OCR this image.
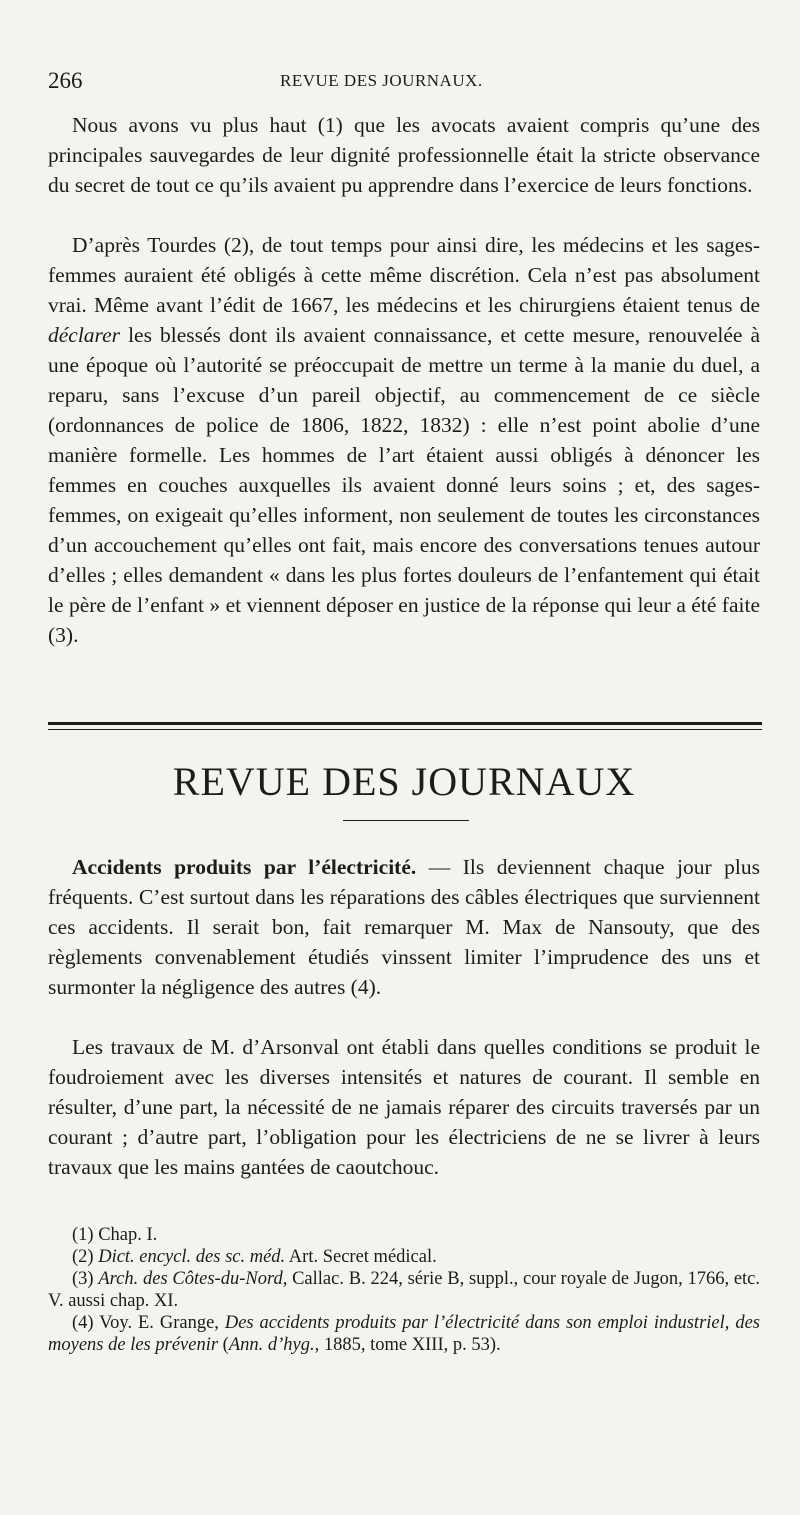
266	REVUE DES JOURNAUX.

Nous avons vu plus haut (1) que les avocats avaient compris qu’une des principales sauvegardes de leur dignité professionnelle était la stricte observance du secret de tout ce qu’ils avaient pu apprendre dans l’exercice de leurs fonctions.

D’après Tourdes (2), de tout temps pour ainsi dire, les médecins et les sages-femmes auraient été obligés à cette même discrétion. Cela n’est pas absolument vrai. Même avant l’édit de 1667, les médecins et les chirurgiens étaient tenus de déclarer les blessés dont ils avaient connaissance, et cette mesure, renouvelée à une époque où l’autorité se préoccupait de mettre un terme à la manie du duel, a reparu, sans l’excuse d’un pareil objectif, au commencement de ce siècle (ordonnances de police de 1806, 1822, 1832) : elle n’est point abolie d’une manière formelle. Les hommes de l’art étaient aussi obligés à dénoncer les femmes en couches auxquelles ils avaient donné leurs soins ; et, des sages-femmes, on exigeait qu’elles informent, non seulement de toutes les circonstances d’un accouchement qu’elles ont fait, mais encore des conversations tenues autour d’elles ; elles demandent « dans les plus fortes douleurs de l’enfantement qui était le père de l’enfant » et viennent déposer en justice de la réponse qui leur a été faite (3).

REVUE DES JOURNAUX

Accidents produits par l’électricité. — Ils deviennent chaque jour plus fréquents. C’est surtout dans les réparations des câbles électriques que surviennent ces accidents. Il serait bon, fait remarquer M. Max de Nansouty, que des règlements convenablement étudiés vinssent limiter l’imprudence des uns et surmonter la négligence des autres (4).

Les travaux de M. d’Arsonval ont établi dans quelles conditions se produit le foudroiement avec les diverses intensités et natures de courant. Il semble en résulter, d’une part, la nécessité de ne jamais réparer des circuits traversés par un courant ; d’autre part, l’obligation pour les électriciens de ne se livrer à leurs travaux que les mains gantées de caoutchouc.

(1) Chap. I.

(2) Dict. encycl. des sc. méd. Art. Secret médical.

(3) Arch. des Côtes-du-Nord, Callac. B. 224, série B, suppl., cour royale de Jugon, 1766, etc. V. aussi chap. XI.

(4) Voy. E. Grange, Des accidents produits par l’électricité dans son emploi industriel, des moyens de les prévenir (Ann. d’hyg., 1885, tome XIII, p. 53).
